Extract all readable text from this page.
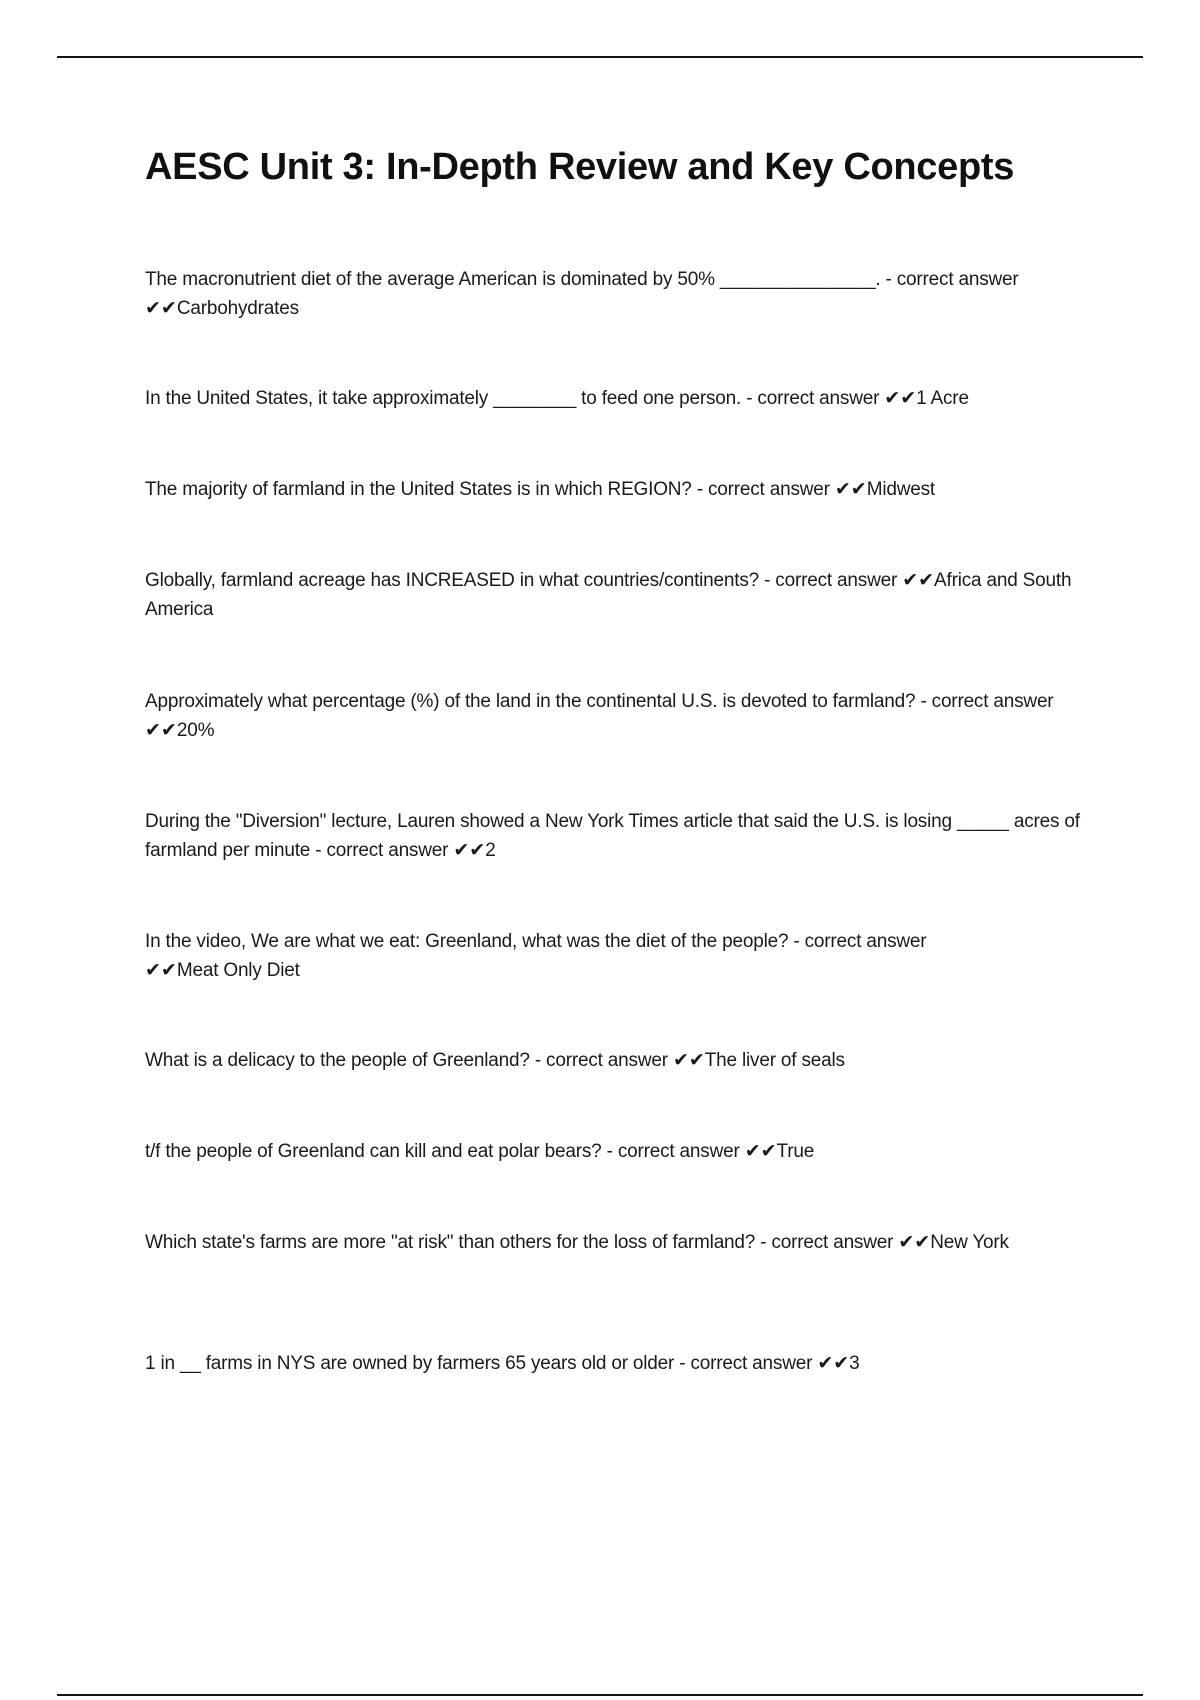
AESC Unit 3: In-Depth Review and Key Concepts

The macronutrient diet of the average American is dominated by 50% _______________. - correct answer
✔✔Carbohydrates

In the United States, it take approximately ________ to feed one person. - correct answer ✔✔1 Acre

The majority of farmland in the United States is in which REGION? - correct answer ✔✔Midwest

Globally, farmland acreage has INCREASED in what countries/continents? - correct answer ✔✔Africa and South America

Approximately what percentage (%) of the land in the continental U.S. is devoted to farmland? - correct answer ✔✔20%

During the "Diversion" lecture, Lauren showed a New York Times article that said the U.S. is losing _____ acres of farmland per minute - correct answer ✔✔2

In the video, We are what we eat: Greenland, what was the diet of the people? - correct answer
✔✔Meat Only Diet

What is a delicacy to the people of Greenland? - correct answer ✔✔The liver of seals

t/f the people of Greenland can kill and eat polar bears? - correct answer ✔✔True

Which state's farms are more "at risk" than others for the loss of farmland? - correct answer ✔✔New York

1 in __ farms in NYS are owned by farmers 65 years old or older - correct answer ✔✔3
